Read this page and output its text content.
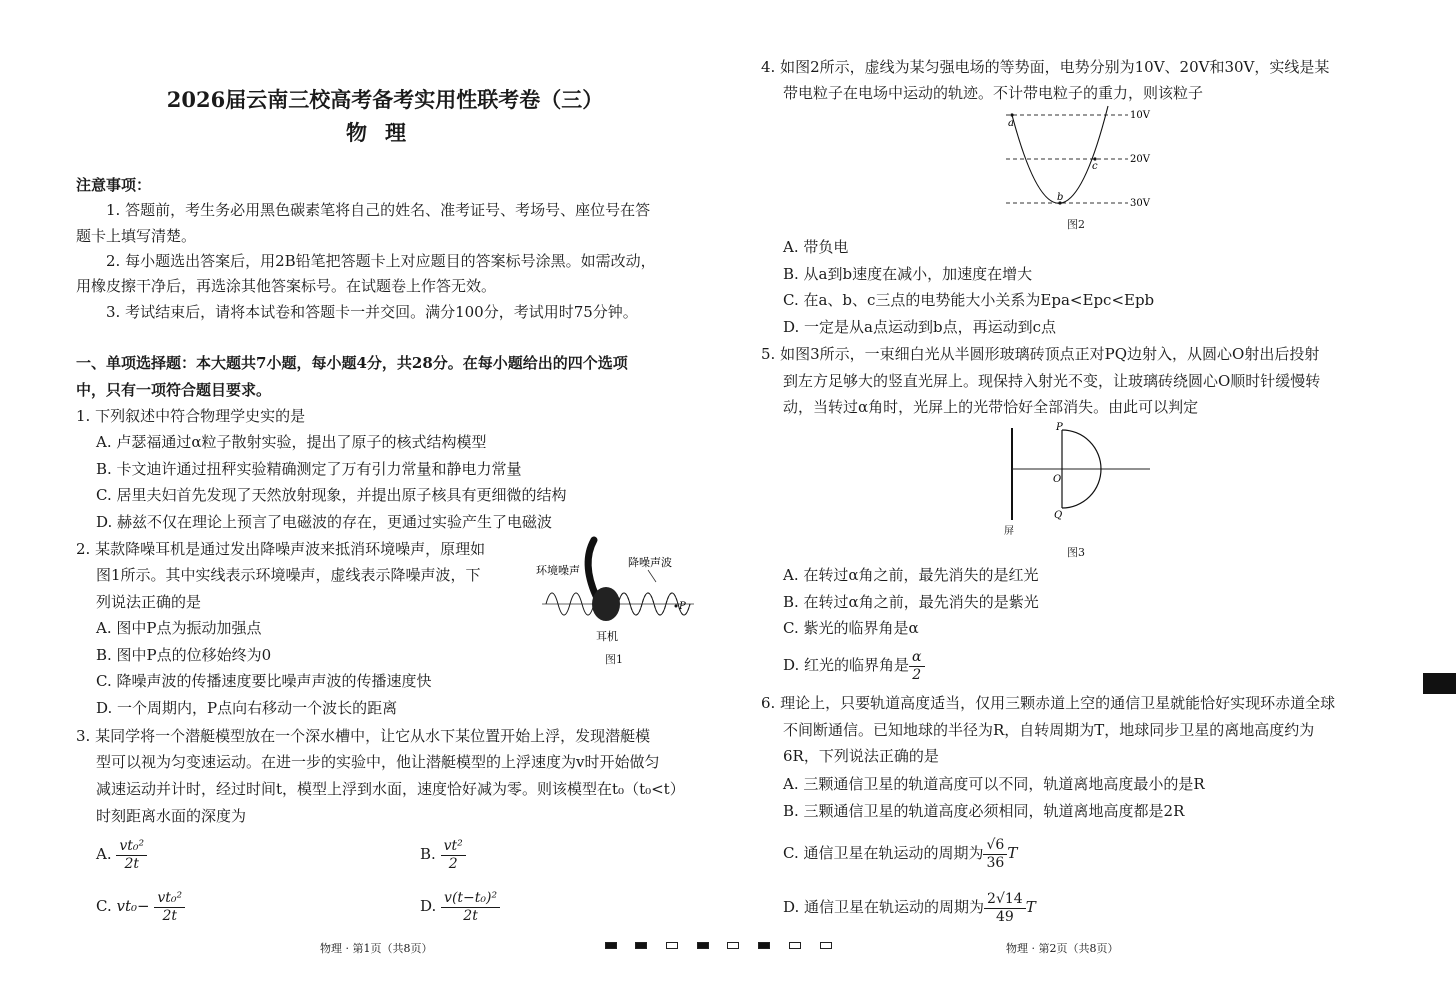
2026届云南三校高考备考实用性联考卷（三）
物理
注意事项：
1. 答题前，考生务必用黑色碳素笔将自己的姓名、准考证号、考场号、座位号在答
题卡上填写清楚。
2. 每小题选出答案后，用2B铅笔把答题卡上对应题目的答案标号涂黑。如需改动，
用橡皮擦干净后，再选涂其他答案标号。在试题卷上作答无效。
3. 考试结束后，请将本试卷和答题卡一并交回。满分100分，考试用时75分钟。
一、单项选择题：本大题共7小题，每小题4分，共28分。在每小题给出的四个选项
中，只有一项符合题目要求。
1. 下列叙述中符合物理学史实的是
A. 卢瑟福通过α粒子散射实验，提出了原子的核式结构模型
B. 卡文迪许通过扭秤实验精确测定了万有引力常量和静电力常量
C. 居里夫妇首先发现了天然放射现象，并提出原子核具有更细微的结构
D. 赫兹不仅在理论上预言了电磁波的存在，更通过实验产生了电磁波
2. 某款降噪耳机是通过发出降噪声波来抵消环境噪声，原理如
图1所示。其中实线表示环境噪声，虚线表示降噪声波，下
列说法正确的是
A. 图中P点为振动加强点
B. 图中P点的位移始终为0
C. 降噪声波的传播速度要比噪声声波的传播速度快
D. 一个周期内，P点向右移动一个波长的距离
环境噪声
降噪声波
耳机
P
图1
3. 某同学将一个潜艇模型放在一个深水槽中，让它从水下某位置开始上浮，发现潜艇模
型可以视为匀变速运动。在进一步的实验中，他让潜艇模型的上浮速度为v时开始做匀
减速运动并计时，经过时间t，模型上浮到水面，速度恰好减为零。则该模型在t₀（t₀<t）
时刻距离水面的深度为
A. $\frac{\text{vt₀²}}{2t}$	B. $\frac{\text{vt²}}{2}$
C. $vt_0- \frac{\text{vt₀²}}{2t}$	D. $\frac{\text{v(t−t₀)²}}{2t}$
物理 · 第1页（共8页）
4. 如图2所示，虚线为某匀强电场的等势面，电势分别为10V、20V和30V，实线是某
带电粒子在电场中运动的轨迹。不计带电粒子的重力，则该粒子
10V
20V
30V
a
b
c
图2
A. 带负电
B. 从a到b速度在减小，加速度在增大
C. 在a、b、c三点的电势能大小关系为Epa<Epc<Epb
D. 一定是从a点运动到b点，再运动到c点
5. 如图3所示，一束细白光从半圆形玻璃砖顶点正对PQ边射入，从圆心O射出后投射
到左方足够大的竖直光屏上。现保持入射光不变，让玻璃砖绕圆心O顺时针缓慢转
动，当转过α角时，光屏上的光带恰好全部消失。由此可以判定
P
O
Q
屏
图3
A. 在转过α角之前，最先消失的是红光
B. 在转过α角之前，最先消失的是紫光
C. 紫光的临界角是α
D. 红光的临界角是 $\frac{\alpha}{2}$
6. 理论上，只要轨道高度适当，仅用三颗赤道上空的通信卫星就能恰好实现环赤道全球
不间断通信。已知地球的半径为R，自转周期为T，地球同步卫星的离地高度约为
6R，下列说法正确的是
A. 三颗通信卫星的轨道高度可以不同，轨道离地高度最小的是R
B. 三颗通信卫星的轨道高度必须相同，轨道离地高度都是2R
C. 通信卫星在轨运动的周期为 $\frac{√6}{36}$ T
D. 通信卫星在轨运动的周期为 $\frac{2√14}{49}$ T
物理 · 第2页（共8页）
